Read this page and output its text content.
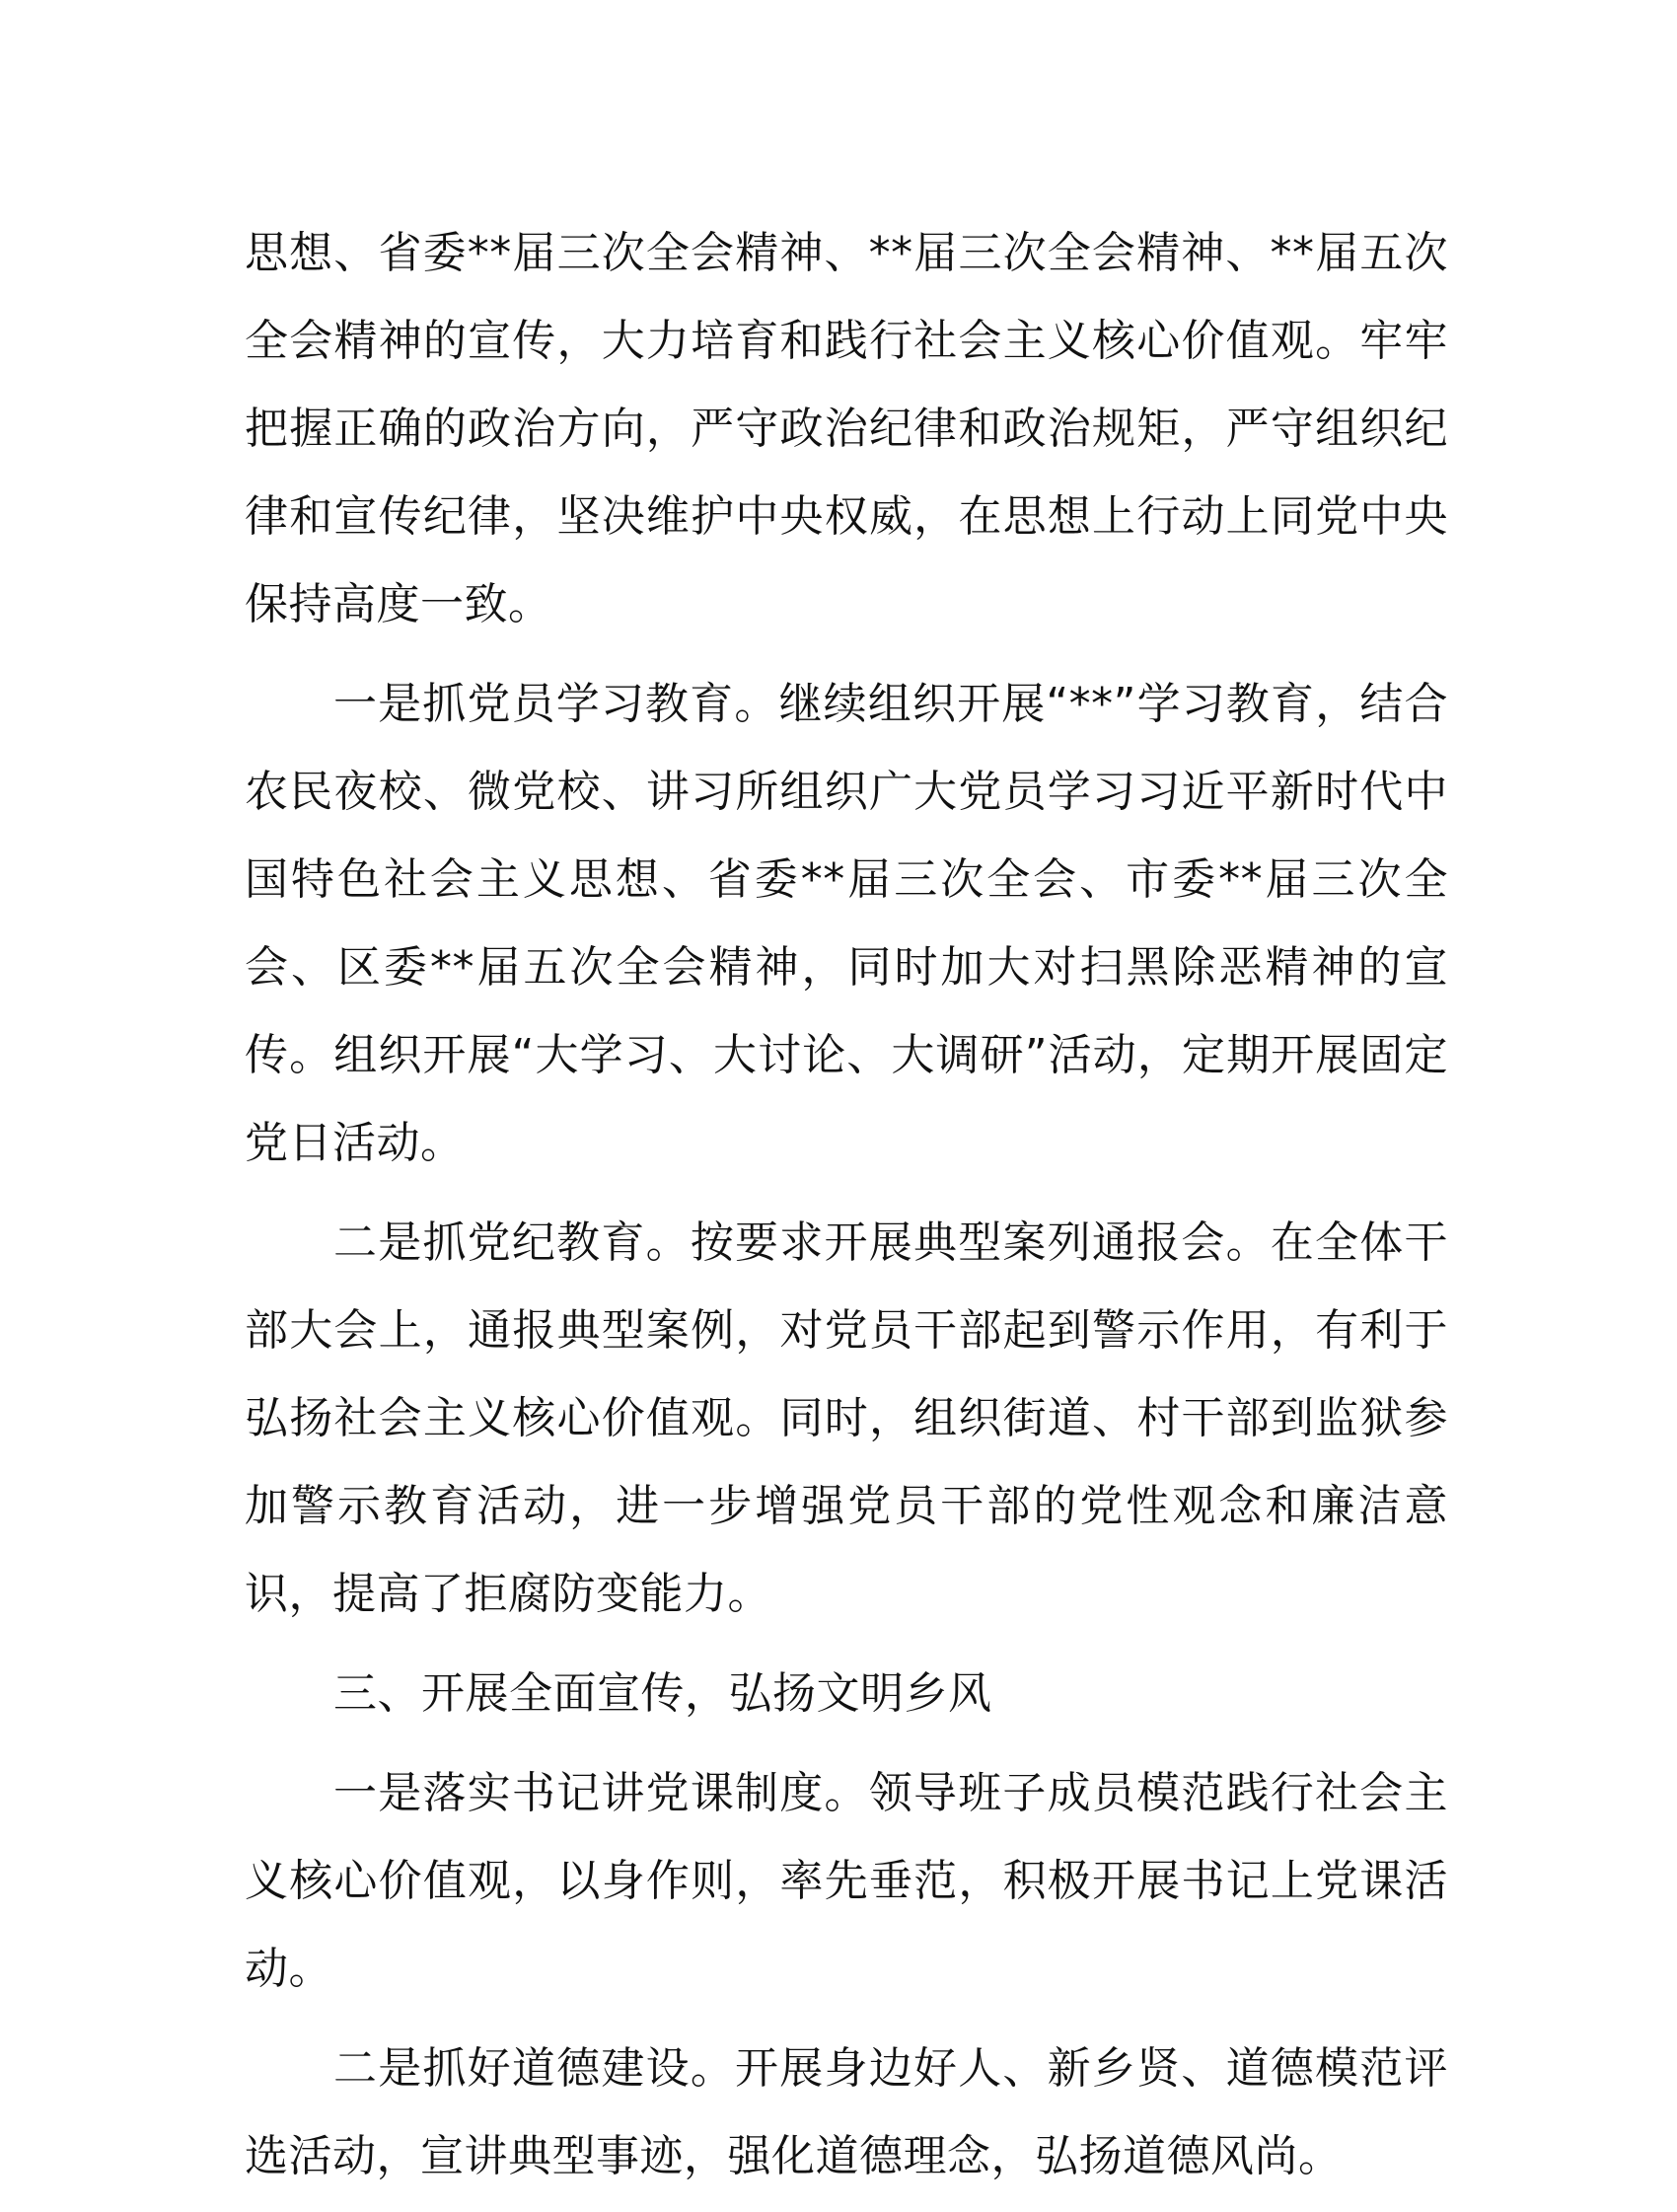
思想、省委**届三次全会精神、**届三次全会精神、**届五次全会精神的宣传，大力培育和践行社会主义核心价值观。牢牢把握正确的政治方向，严守政治纪律和政治规矩，严守组织纪律和宣传纪律，坚决维护中央权威，在思想上行动上同党中央保持高度一致。

一是抓党员学习教育。继续组织开展“**”学习教育，结合农民夜校、微党校、讲习所组织广大党员学习习近平新时代中国特色社会主义思想、省委**届三次全会、市委**届三次全会、区委**届五次全会精神，同时加大对扫黑除恶精神的宣传。组织开展“大学习、大讨论、大调研”活动，定期开展固定党日活动。

二是抓党纪教育。按要求开展典型案列通报会。在全体干部大会上，通报典型案例，对党员干部起到警示作用，有利于弘扬社会主义核心价值观。同时，组织街道、村干部到监狱参加警示教育活动，进一步增强党员干部的党性观念和廉洁意识，提高了拒腐防变能力。

三、开展全面宣传，弘扬文明乡风

一是落实书记讲党课制度。领导班子成员模范践行社会主义核心价值观，以身作则，率先垂范，积极开展书记上党课活动。

二是抓好道德建设。开展身边好人、新乡贤、道德模范评选活动，宣讲典型事迹，强化道德理念，弘扬道德风尚。
